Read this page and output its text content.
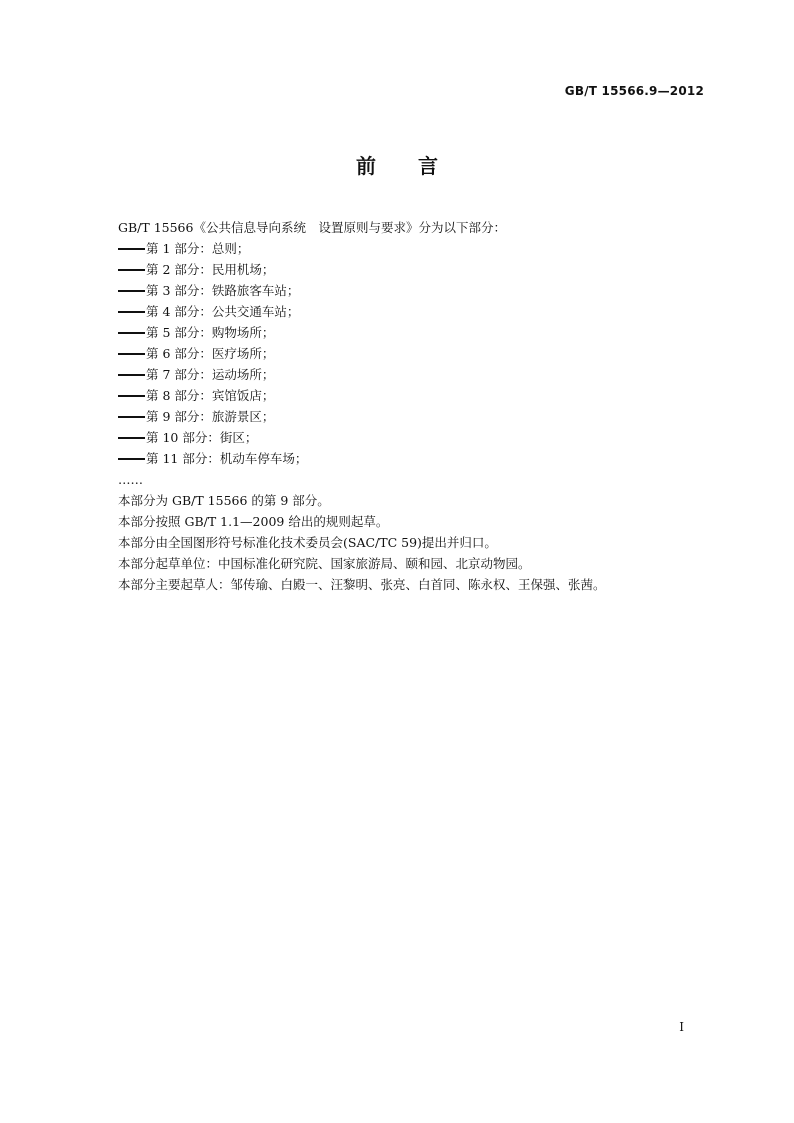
GB/T 15566.9—2012
前 言
GB/T 15566《公共信息导向系统　设置原则与要求》分为以下部分：
第 1 部分：总则；
第 2 部分：民用机场；
第 3 部分：铁路旅客车站；
第 4 部分：公共交通车站；
第 5 部分：购物场所；
第 6 部分：医疗场所；
第 7 部分：运动场所；
第 8 部分：宾馆饭店；
第 9 部分：旅游景区；
第 10 部分：街区；
第 11 部分：机动车停车场；
……
本部分为 GB/T 15566 的第 9 部分。
本部分按照 GB/T 1.1—2009 给出的规则起草。
本部分由全国图形符号标准化技术委员会(SAC/TC 59)提出并归口。
本部分起草单位：中国标准化研究院、国家旅游局、颐和园、北京动物园。
本部分主要起草人：邹传瑜、白殿一、汪黎明、张亮、白首同、陈永权、王保强、张茜。
I
